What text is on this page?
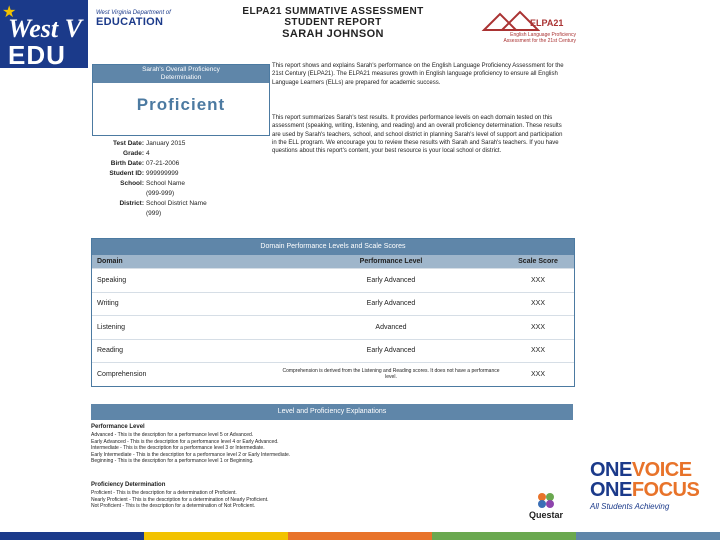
★
West V
EDU
West Virginia Department of
EDUCATION
ELPA21 SUMMATIVE ASSESSMENT
STUDENT REPORT
SARAH JOHNSON
ELPA21
English Language Proficiency
Assessment for the 21st Century
Sarah's Overall Proficiency
Determination
Proficient
Test Date: January 2015
Grade: 4
Birth Date: 07-21-2006
Student ID: 999999999
School: School Name
(999-999)
District: School District Name
(999)
This report shows and explains Sarah's performance on the English Language Proficiency Assessment for the 21st Century (ELPA21). The ELPA21 measures growth in English language proficiency to ensure all English Language Learners (ELLs) are prepared for academic success.
This report summarizes Sarah's test results. It provides performance levels on each domain tested on this assessment (speaking, writing, listening, and reading) and an overall proficiency determination. These results are used by Sarah's teachers, school, and school district in planning Sarah's level of support and participation in the ELL program. We encourage you to review these results with Sarah and Sarah's teachers. If you have questions about this report's content, your best resource is your local school or district.
Domain Performance Levels and Scale Scores
Domain	Performance Level	Scale Score
Speaking	Early Advanced	XXX
Writing	Early Advanced	XXX
Listening	Advanced	XXX
Reading	Early Advanced	XXX
Comprehension	Comprehension is derived from the Listening and Reading scores. It does not have a performance level.	XXX
Level and Proficiency Explanations
Performance Level
Advanced - This is the description for a performance level 5 or Advanced.
Early Advanced - This is the description for a performance level 4 or Early Advanced.
Intermediate - This is the description for a performance level 3 or Intermediate.
Early Intermediate - This is the description for a performance level 2 or Early Intermediate.
Beginning - This is the description for a performance level 1 or Beginning.
Proficiency Determination
Proficient - This is the description for a determination of Proficient.
Nearly Proficient - This is the description for a determination of Nearly Proficient.
Not Proficient - This is the description for a determination of Not Proficient.
Questar
ONEVOICE
ONEFOCUS
All Students Achieving
